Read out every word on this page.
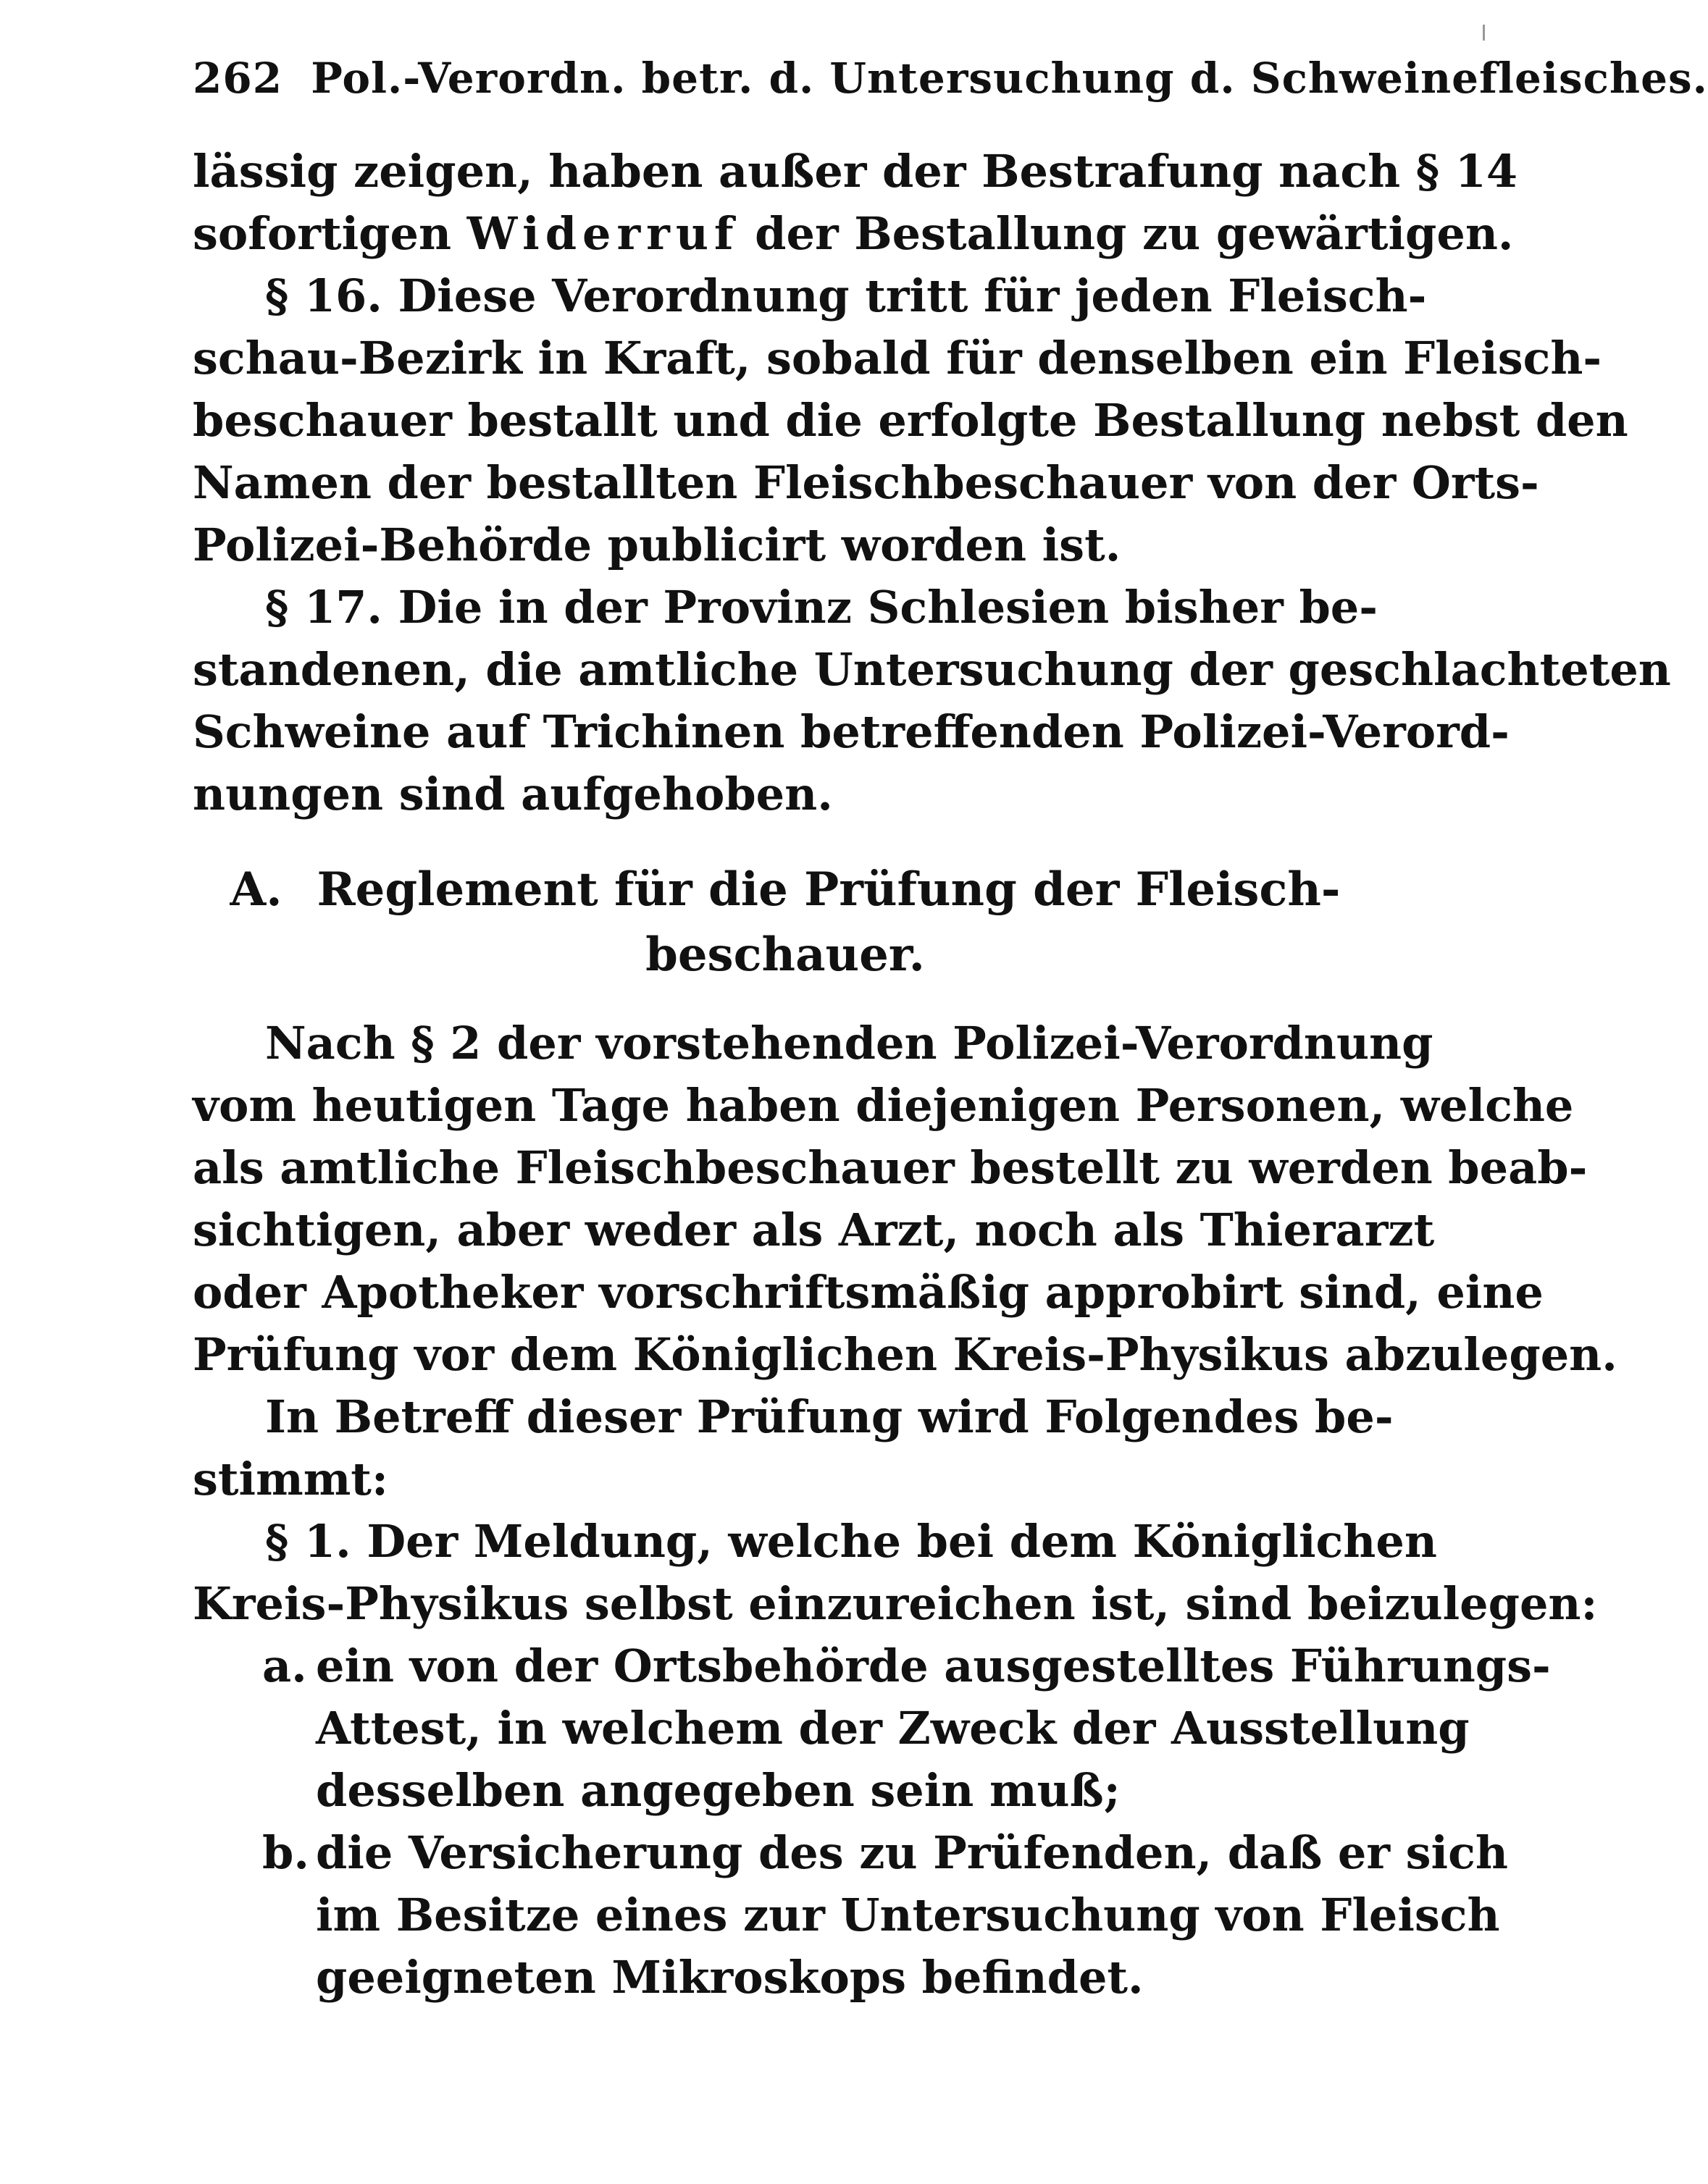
262 Pol.-Verordn. betr. d. Untersuchung d. Schweinefleisches.
lässig zeigen, haben außer der Bestrafung nach § 14
sofortigen Widerruf der Bestallung zu gewärtigen.
§ 16. Diese Verordnung tritt für jeden Fleisch-
schau-Bezirk in Kraft, sobald für denselben ein Fleisch-
beschauer bestallt und die erfolgte Bestallung nebst den
Namen der bestallten Fleischbeschauer von der Orts-
Polizei-Behörde publicirt worden ist.
§ 17. Die in der Provinz Schlesien bisher be-
standenen, die amtliche Untersuchung der geschlachteten
Schweine auf Trichinen betreffenden Polizei-Verord-
nungen sind aufgehoben.
A. Reglement für die Prüfung der Fleisch-
beschauer.
Nach § 2 der vorstehenden Polizei-Verordnung
vom heutigen Tage haben diejenigen Personen, welche
als amtliche Fleischbeschauer bestellt zu werden beab-
sichtigen, aber weder als Arzt, noch als Thierarzt
oder Apotheker vorschriftsmäßig approbirt sind, eine
Prüfung vor dem Königlichen Kreis-Physikus abzulegen.
In Betreff dieser Prüfung wird Folgendes be-
stimmt:
§ 1. Der Meldung, welche bei dem Königlichen
Kreis-Physikus selbst einzureichen ist, sind beizulegen:
a. ein von der Ortsbehörde ausgestelltes Führungs-
Attest, in welchem der Zweck der Ausstellung
desselben angegeben sein muß;
b. die Versicherung des zu Prüfenden, daß er sich
im Besitze eines zur Untersuchung von Fleisch
geeigneten Mikroskops befindet.
